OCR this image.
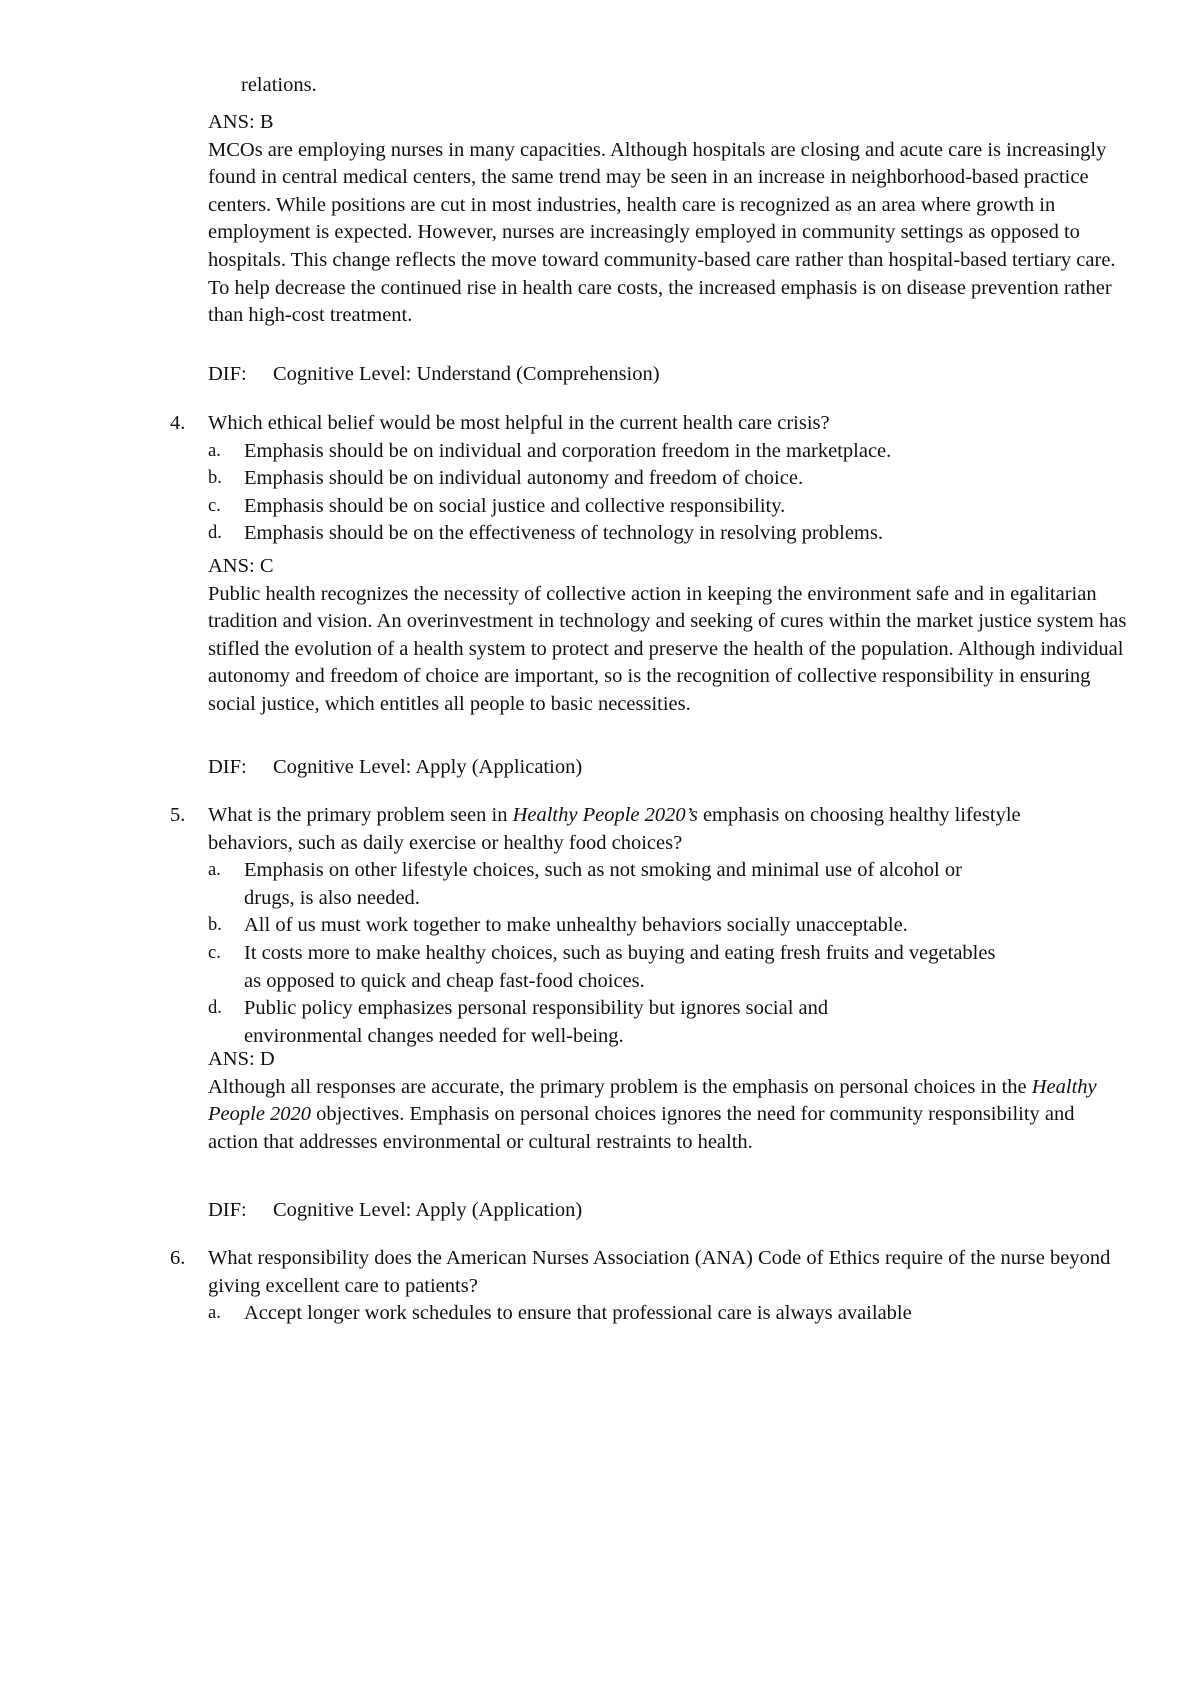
relations.

ANS: B
MCOs are employing nurses in many capacities. Although hospitals are closing and acute care is increasingly found in central medical centers, the same trend may be seen in an increase in neighborhood-based practice centers. While positions are cut in most industries, health care is recognized as an area where growth in employment is expected. However, nurses are increasingly employed in community settings as opposed to hospitals. This change reflects the move toward community-based care rather than hospital-based tertiary care. To help decrease the continued rise in health care costs, the increased emphasis is on disease prevention rather than high-cost treatment.

DIF: Cognitive Level: Understand (Comprehension)

4. Which ethical belief would be most helpful in the current health care crisis?
a. Emphasis should be on individual and corporation freedom in the marketplace.
b. Emphasis should be on individual autonomy and freedom of choice.
c. Emphasis should be on social justice and collective responsibility.
d. Emphasis should be on the effectiveness of technology in resolving problems.
ANS: C
Public health recognizes the necessity of collective action in keeping the environment safe and in egalitarian tradition and vision. An overinvestment in technology and seeking of cures within the market justice system has stifled the evolution of a health system to protect and preserve the health of the population. Although individual autonomy and freedom of choice are important, so is the recognition of collective responsibility in ensuring social justice, which entitles all people to basic necessities.

DIF: Cognitive Level: Apply (Application)

5. What is the primary problem seen in Healthy People 2020’s emphasis on choosing healthy lifestyle behaviors, such as daily exercise or healthy food choices?
a. Emphasis on other lifestyle choices, such as not smoking and minimal use of alcohol or drugs, is also needed.
b. All of us must work together to make unhealthy behaviors socially unacceptable.
c. It costs more to make healthy choices, such as buying and eating fresh fruits and vegetables as opposed to quick and cheap fast-food choices.
d. Public policy emphasizes personal responsibility but ignores social and environmental changes needed for well-being.
ANS: D
Although all responses are accurate, the primary problem is the emphasis on personal choices in the Healthy People 2020 objectives. Emphasis on personal choices ignores the need for community responsibility and action that addresses environmental or cultural restraints to health.

DIF: Cognitive Level: Apply (Application)

6. What responsibility does the American Nurses Association (ANA) Code of Ethics require of the nurse beyond giving excellent care to patients?
a. Accept longer work schedules to ensure that professional care is always available
